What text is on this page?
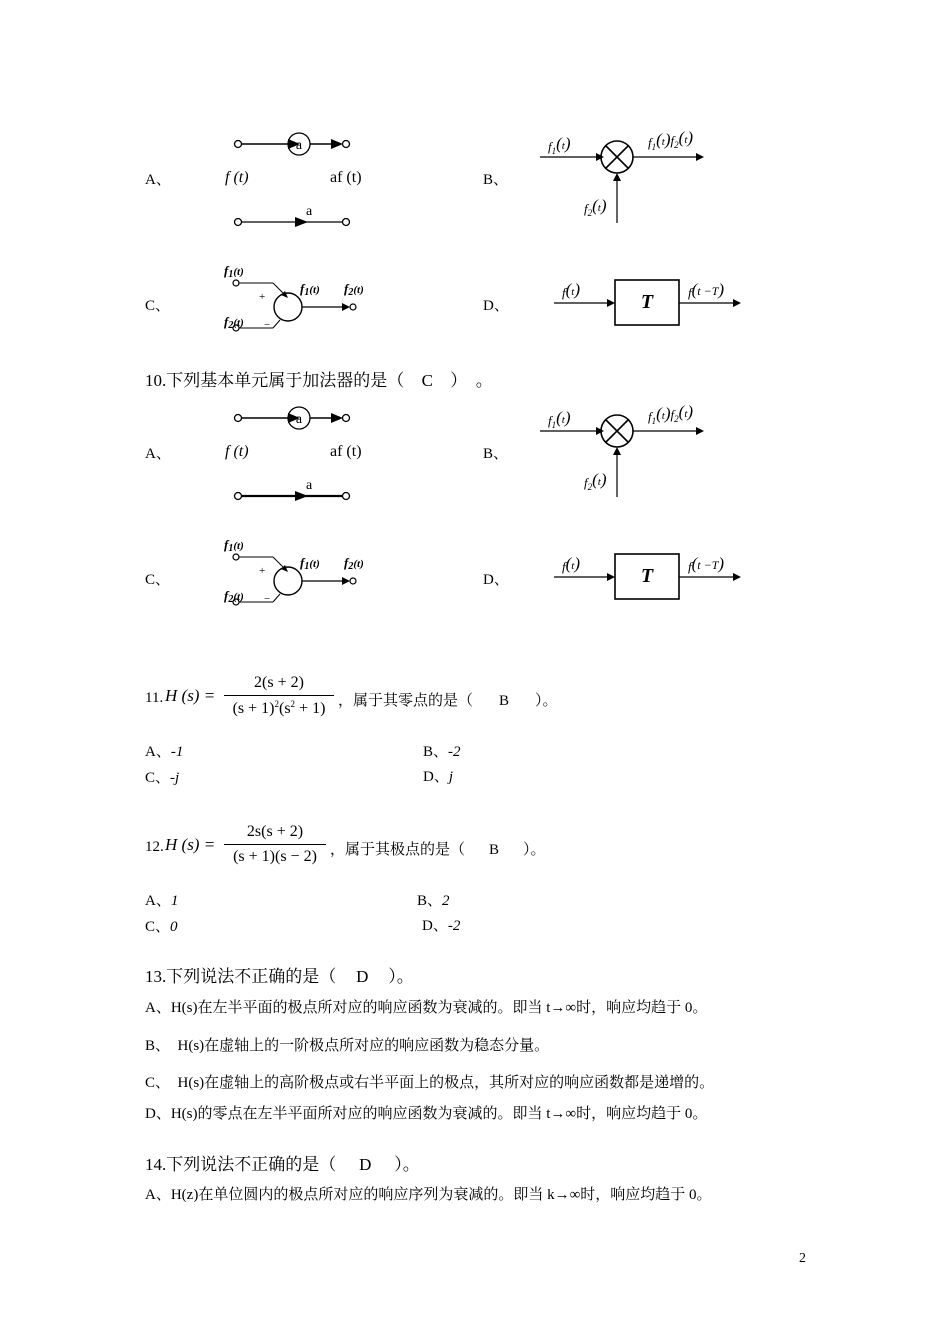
A、	B、
C、	D、
a
f (t)	af (t)
a
$f_1(t)$	$f_1(t)f_2(t)$
$f_2(t)$
f1(t)
+
−
f2(t)
f1(t) f2(t)
T
f(t)	f(t −T)
10.下列基本单元属于加法器的是（ C ）　。
A、	B、
C、	D、
a
f (t)	af (t)
a
$f_1(t)$	$f_1(t)f_2(t)$
$f_2(t)$
f1(t)
+
−
f2(t)
f1(t) f2(t)
T
f(t)	f(t −T)
11. H (s) =
2(s + 2)
$(s + 1)^2(s^2 + 1)$ ，属于其零点的是（ B ）。
A、-1	B、-2
C、-j	D、j
12. H (s) =
2s(s + 2)
(s + 1)(s − 2) ，属于其极点的是（ B ）。
A、1	B、2
C、0	D、-2
13.下列说法不正确的是（ D ）。
A、H(s)在左半平面的极点所对应的响应函数为衰减的。即当 t→∞时，响应均趋于 0。
B、　H(s)在虚轴上的一阶极点所对应的响应函数为稳态分量。
C、　H(s)在虚轴上的高阶极点或右半平面上的极点，其所对应的响应函数都是递增的。
D、H(s)的零点在左半平面所对应的响应函数为衰减的。即当 t→∞时，响应均趋于 0。
14.下列说法不正确的是（ D ）。
A、H(z)在单位圆内的极点所对应的响应序列为衰减的。即当 k→∞时，响应均趋于 0。
2
